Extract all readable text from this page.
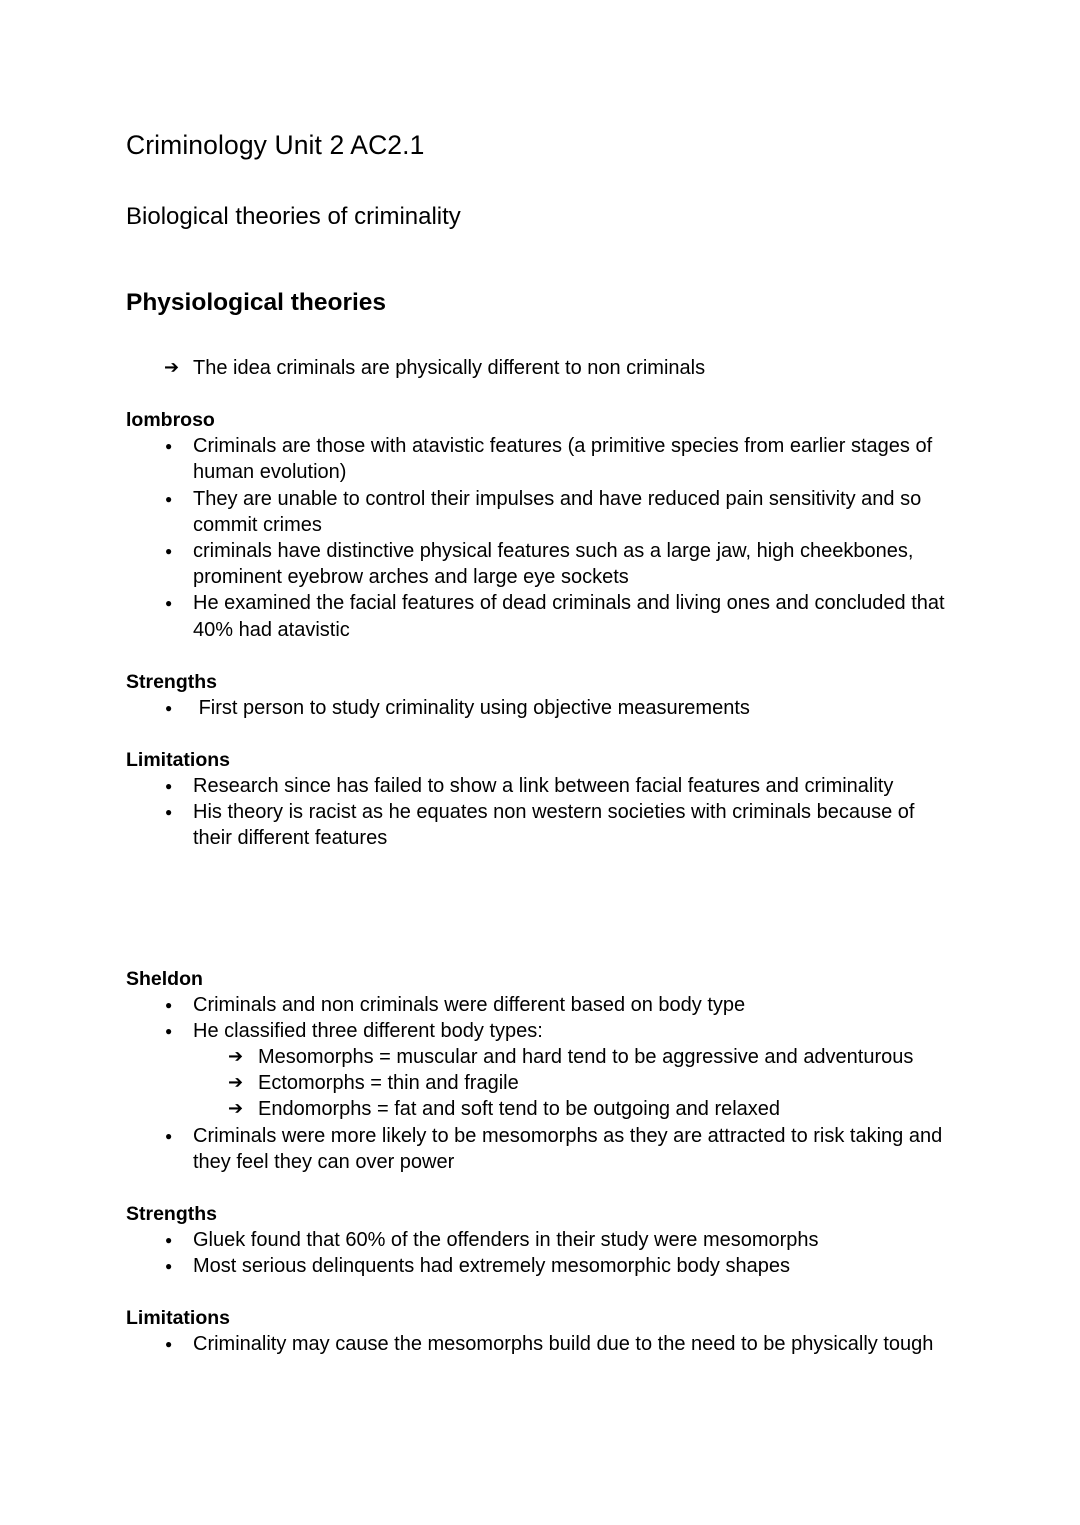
Criminology Unit 2 AC2.1
Biological theories of criminality
Physiological theories
➔ The idea criminals are physically different to non criminals
lombroso
● Criminals are those with atavistic features (a primitive species from earlier stages of human evolution)
● They are unable to control their impulses and have reduced pain sensitivity and so commit crimes
● criminals have distinctive physical features such as a large jaw, high cheekbones, prominent eyebrow arches and large eye sockets
● He examined the facial features of dead criminals and living ones and concluded that 40% had atavistic
Strengths
●  First person to study criminality using objective measurements
Limitations
● Research since has failed to show a link between facial features and criminality
● His theory is racist as he equates non western societies with criminals because of their different features
Sheldon
● Criminals and non criminals were different based on body type
● He classified three different body types:
➔ Mesomorphs = muscular and hard tend to be aggressive and adventurous
➔ Ectomorphs = thin and fragile
➔ Endomorphs = fat and soft tend to be outgoing and relaxed
● Criminals were more likely to be mesomorphs as they are attracted to risk taking and they feel they can over power
Strengths
● Gluek found that 60% of the offenders in their study were mesomorphs
● Most serious delinquents had extremely mesomorphic body shapes
Limitations
● Criminality may cause the mesomorphs build due to the need to be physically tough
